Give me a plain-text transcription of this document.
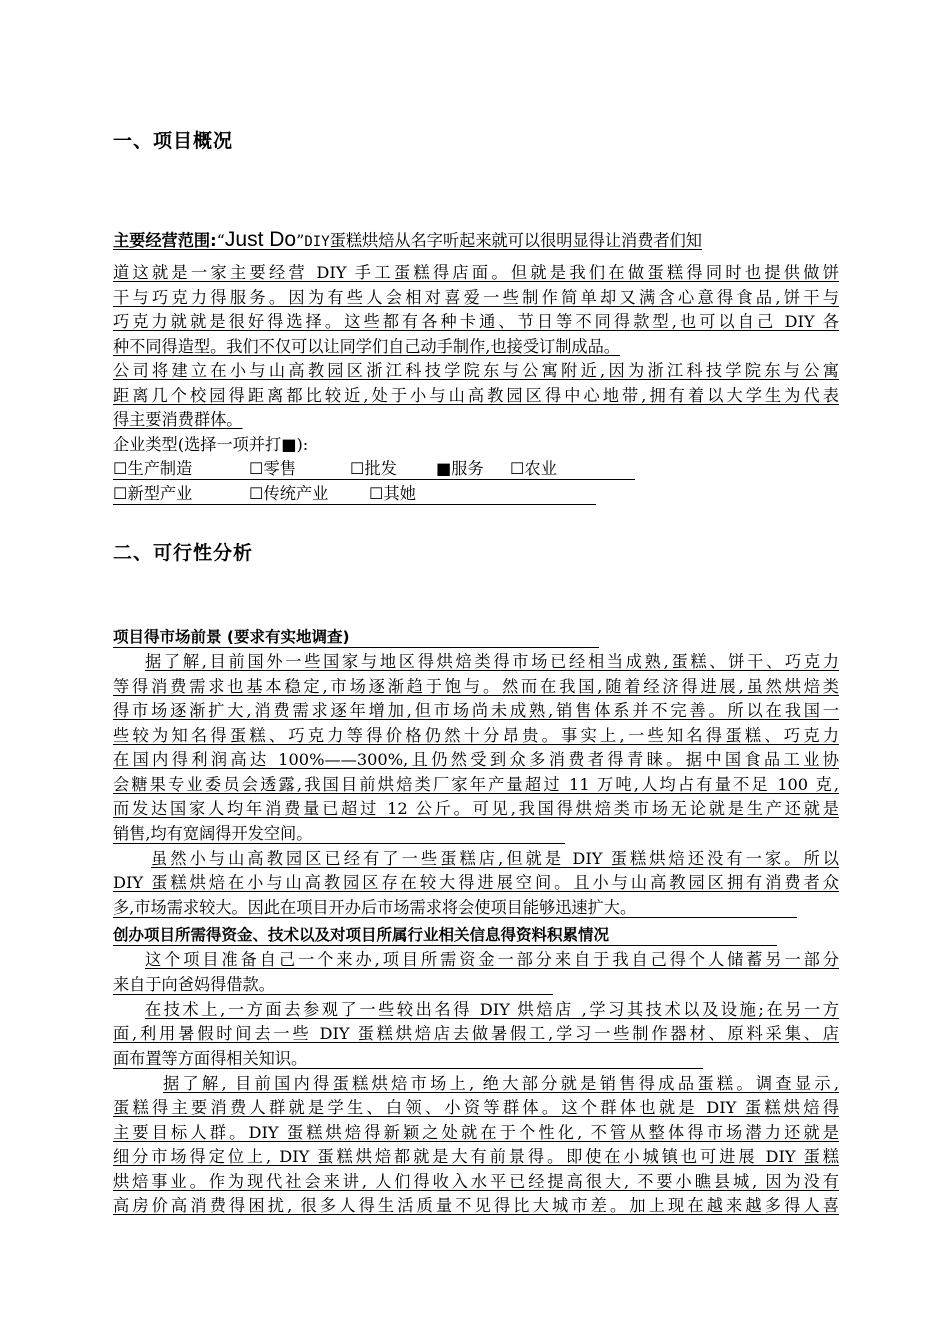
一、项目概况
主要经营范围:“Just Do”DIY蛋糕烘焙从名字听起来就可以很明显得让消费者们知
道这就是一家主要经营 DIY 手工蛋糕得店面。但就是我们在做蛋糕得同时也提供做饼
干与巧克力得服务。因为有些人会相对喜爱一些制作简单却又满含心意得食品,饼干与
巧克力就就是很好得选择。这些都有各种卡通、节日等不同得款型,也可以自己 DIY 各
种不同得造型。我们不仅可以让同学们自己动手制作,也接受订制成品。
公司将建立在小与山高教园区浙江科技学院东与公寓附近,因为浙江科技学院东与公寓
距离几个校园得距离都比较近,处于小与山高教园区得中心地带,拥有着以大学生为代表
得主要消费群体。
企业类型(选择一项并打■):
☐生产制造	☐零售	☐批发 ■服务 ☐农业
☐新型产业	☐传统产业	☐其她
二、可行性分析
项目得市场前景 (要求有实地调查)
据了解,目前国外一些国家与地区得烘焙类得市场已经相当成熟,蛋糕、饼干、巧克力
等得消费需求也基本稳定,市场逐渐趋于饱与。然而在我国,随着经济得进展,虽然烘焙类
得市场逐渐扩大,消费需求逐年增加,但市场尚未成熟,销售体系并不完善。所以在我国一
些较为知名得蛋糕、巧克力等得价格仍然十分昂贵。事实上,一些知名得蛋糕、巧克力
在国内得利润高达 100%——300%,且仍然受到众多消费者得青睐。据中国食品工业协
会糖果专业委员会透露,我国目前烘焙类厂家年产量超过 11 万吨,人均占有量不足 100 克,
而发达国家人均年消费量已超过 12 公斤。可见,我国得烘焙类市场无论就是生产还就是
销售,均有宽阔得开发空间。
虽然小与山高教园区已经有了一些蛋糕店,但就是 DIY 蛋糕烘焙还没有一家。所以
DIY 蛋糕烘焙在小与山高教园区存在较大得进展空间。且小与山高教园区拥有消费者众
多,市场需求较大。因此在项目开办后市场需求将会使项目能够迅速扩大。
创办项目所需得资金、技术以及对项目所属行业相关信息得资料积累情况
这个项目准备自己一个来办,项目所需资金一部分来自于我自己得个人储蓄另一部分
来自于向爸妈得借款。
在技术上,一方面去参观了一些较出名得 DIY 烘焙店 ,学习其技术以及设施;在另一方
面,利用暑假时间去一些 DIY 蛋糕烘焙店去做暑假工,学习一些制作器材、原料采集、店
面布置等方面得相关知识。
据了解, 目前国内得蛋糕烘焙市场上, 绝大部分就是销售得成品蛋糕。调查显示,
蛋糕得主要消费人群就是学生、白领、小资等群体。这个群体也就是 DIY 蛋糕烘焙得
主要目标人群。DIY 蛋糕烘焙得新颖之处就在于个性化, 不管从整体得市场潜力还就是
细分市场得定位上, DIY 蛋糕烘焙都就是大有前景得。即使在小城镇也可进展 DIY 蛋糕
烘焙事业。作为现代社会来讲, 人们得收入水平已经提高很大, 不要小瞧县城, 因为没有
高房价高消费得困扰, 很多人得生活质量不见得比大城市差。加上现在越来越多得人喜
